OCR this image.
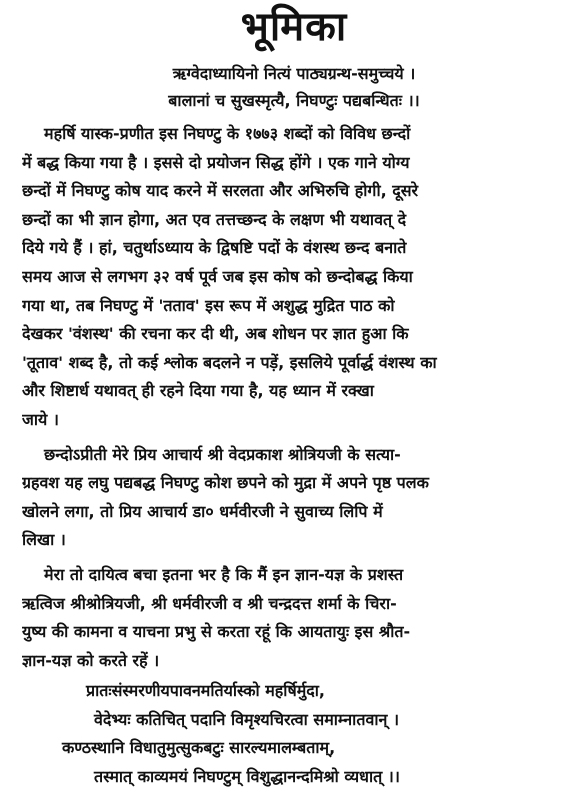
भूमिका
ऋग्वेदाध्यायिनो नित्यं पाठ्यग्रन्थ-समुच्चये ।
बालानां च सुखस्मृत्यै, निघण्टुः पद्यबन्धितः ।।
महर्षि यास्क-प्रणीत इस निघण्टु के १७७३ शब्दों को विविध छन्दों
में बद्ध किया गया है । इससे दो प्रयोजन सिद्ध होंगे । एक गाने योग्य
छन्दों में निघण्टु कोष याद करने में सरलता और अभिरुचि होगी, दूसरे
छन्दों का भी ज्ञान होगा, अत एव तत्तच्छन्द के लक्षण भी यथावत् दे
दिये गये हैं । हां, चतुर्थाऽध्याय के द्विषष्टि पदों के वंशस्थ छन्द बनाते
समय आज से लगभग ३२ वर्ष पूर्व जब इस कोष को छन्दोबद्ध किया
गया था, तब निघण्टु में 'तताव' इस रूप में अशुद्ध मुद्रित पाठ को
देखकर 'वंशस्थ' की रचना कर दी थी, अब शोधन पर ज्ञात हुआ कि
'तूताव' शब्द है, तो कई श्लोक बदलने न पड़ें, इसलिये पूर्वार्द्ध वंशस्थ का
और शिष्टार्ध यथावत् ही रहने दिया गया है, यह ध्यान में रक्खा
जाये ।
छन्दोऽप्रीती मेरे प्रिय आचार्य श्री वेदप्रकाश श्रोत्रियजी के सत्या-
ग्रहवश यह लघु पद्यबद्ध निघण्टु कोश छपने को मुद्रा में अपने पृष्ठ पलक
खोलने लगा, तो प्रिय आचार्य डा० धर्मवीरजी ने सुवाच्य लिपि में
लिखा ।
मेरा तो दायित्व बचा इतना भर है कि मैं इन ज्ञान-यज्ञ के प्रशस्त
ऋत्विज श्रीश्रोत्रियजी, श्री धर्मवीरजी व श्री चन्द्रदत्त शर्मा के चिरा-
युष्य की कामना व याचना प्रभु से करता रहूं कि आयतायुः इस श्रौत-
ज्ञान-यज्ञ को करते रहें ।
प्रातःसंस्मरणीयपावनमतिर्यास्को महर्षिर्मुदा,
वेदेभ्यः कतिचित् पदानि विमृश्यचिरत्वा समाम्नातवान् ।
कण्ठस्थानि विधातुमुत्सुकबटुः सारल्यमालम्बताम्,
तस्मात् काव्यमयं निघण्टुम् विशुद्धानन्दमिश्रो व्यधात् ।।
